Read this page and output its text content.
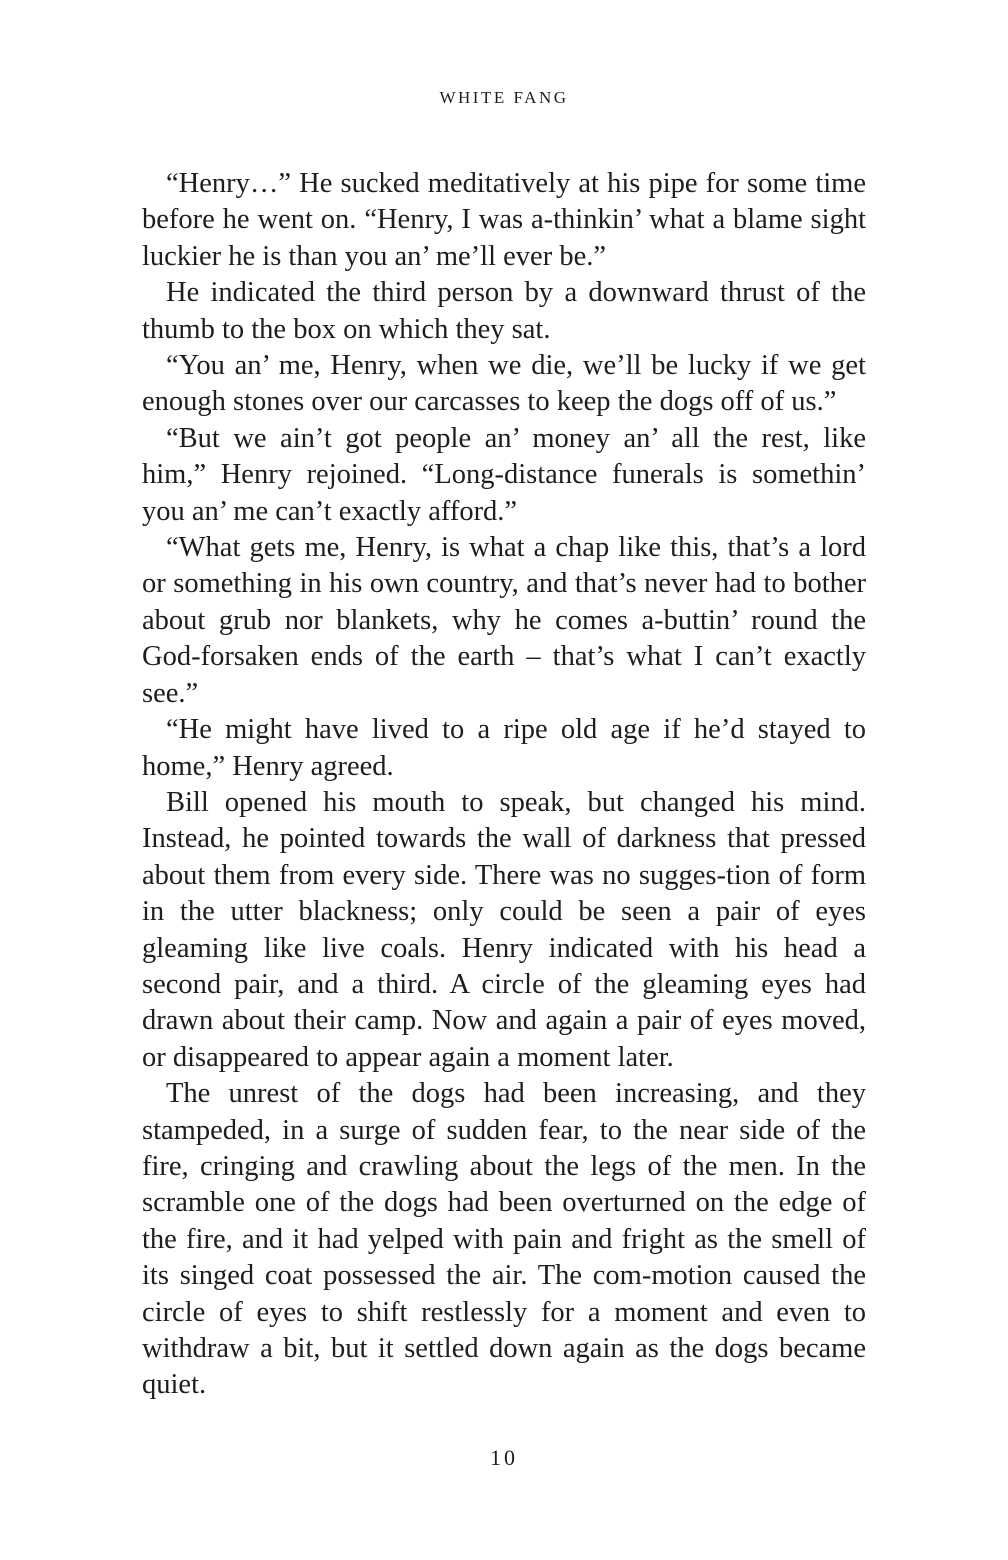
WHITE FANG

“Henry…” He sucked meditatively at his pipe for some time before he went on. “Henry, I was a-thinkin’ what a blame sight luckier he is than you an’ me’ll ever be.”

He indicated the third person by a downward thrust of the thumb to the box on which they sat.

“You an’ me, Henry, when we die, we’ll be lucky if we get enough stones over our carcasses to keep the dogs off of us.”

“But we ain’t got people an’ money an’ all the rest, like him,” Henry rejoined. “Long-distance funerals is somethin’ you an’ me can’t exactly afford.”

“What gets me, Henry, is what a chap like this, that’s a lord or something in his own country, and that’s never had to bother about grub nor blankets, why he comes a-buttin’ round the God-forsaken ends of the earth – that’s what I can’t exactly see.”

“He might have lived to a ripe old age if he’d stayed to home,” Henry agreed.

Bill opened his mouth to speak, but changed his mind. Instead, he pointed towards the wall of darkness that pressed about them from every side. There was no sugges-tion of form in the utter blackness; only could be seen a pair of eyes gleaming like live coals. Henry indicated with his head a second pair, and a third. A circle of the gleaming eyes had drawn about their camp. Now and again a pair of eyes moved, or disappeared to appear again a moment later.

The unrest of the dogs had been increasing, and they stampeded, in a surge of sudden fear, to the near side of the fire, cringing and crawling about the legs of the men. In the scramble one of the dogs had been overturned on the edge of the fire, and it had yelped with pain and fright as the smell of its singed coat possessed the air. The com-motion caused the circle of eyes to shift restlessly for a moment and even to withdraw a bit, but it settled down again as the dogs became quiet.

10
